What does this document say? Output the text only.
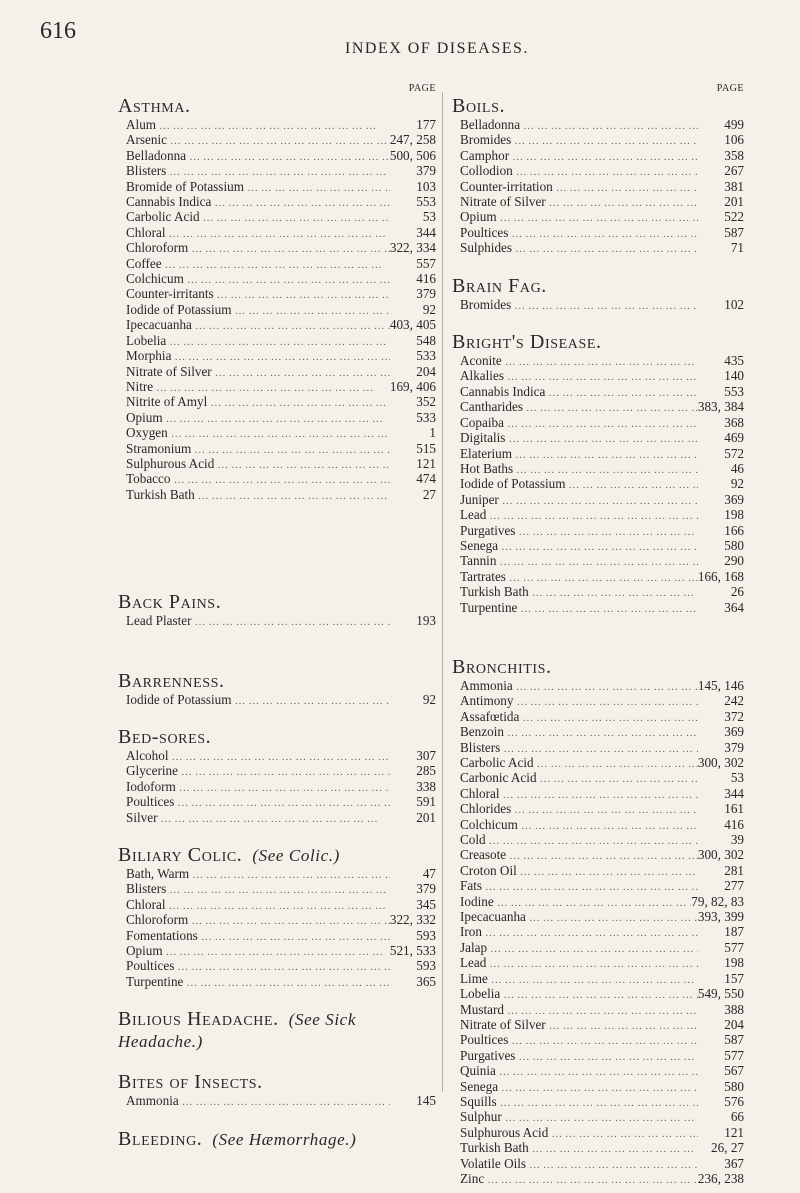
616
INDEX OF DISEASES.
PAGE
Asthma.
Alum … … … … … … … … … … … … … … … …	177
Arsenic … … … … … … … … … … … … … … … …	247, 258
Belladonna … … … … … … … … … … … … … … … …	500, 506
Blisters … … … … … … … … … … … … … … … …	379
Bromide of Potassium … … … … … … … … … … … … … … … …	103
Cannabis Indica … … … … … … … … … … … … … … … …	553
Carbolic Acid … … … … … … … … … … … … … … … …	53
Chloral … … … … … … … … … … … … … … … …	344
Chloroform … … … … … … … … … … … … … … … …	322, 334
Coffee … … … … … … … … … … … … … … … …	557
Colchicum … … … … … … … … … … … … … … … …	416
Counter-irritants … … … … … … … … … … … … … … … …	379
Iodide of Potassium … … … … … … … … … … … … … … … …	92
Ipecacuanha … … … … … … … … … … … … … … … …	403, 405
Lobelia … … … … … … … … … … … … … … … …	548
Morphia … … … … … … … … … … … … … … … …	533
Nitrate of Silver … … … … … … … … … … … … … … … …	204
Nitre … … … … … … … … … … … … … … … …	169, 406
Nitrite of Amyl … … … … … … … … … … … … … … … …	352
Opium … … … … … … … … … … … … … … … …	533
Oxygen … … … … … … … … … … … … … … … …	1
Stramonium … … … … … … … … … … … … … … … …	515
Sulphurous Acid … … … … … … … … … … … … … … … …	121
Tobacco … … … … … … … … … … … … … … … …	474
Turkish Bath … … … … … … … … … … … … … … … …	27
Back Pains.
Lead Plaster … … … … … … … … … … … … … … … …	193
Barrenness.
Iodide of Potassium … … … … … … … … … … … … … … … …	92
Bed-sores.
Alcohol … … … … … … … … … … … … … … … …	307
Glycerine … … … … … … … … … … … … … … … …	285
Iodoform … … … … … … … … … … … … … … … …	338
Poultices … … … … … … … … … … … … … … … …	591
Silver … … … … … … … … … … … … … … … …	201
Biliary Colic. (See Colic.)
Bath, Warm … … … … … … … … … … … … … … … …	47
Blisters … … … … … … … … … … … … … … … …	379
Chloral … … … … … … … … … … … … … … … …	345
Chloroform … … … … … … … … … … … … … … … …	322, 332
Fomentations … … … … … … … … … … … … … … … …	593
Opium … … … … … … … … … … … … … … … …	521, 533
Poultices … … … … … … … … … … … … … … … …	593
Turpentine … … … … … … … … … … … … … … … …	365
Bilious Headache. (See Sick Headache.)
Bites of Insects.
Ammonia … … … … … … … … … … … … … … … …	145
Bleeding. (See Hæmorrhage.)
PAGE
Boils.
Belladonna … … … … … … … … … … … … … … … …	499
Bromides … … … … … … … … … … … … … … … …	106
Camphor … … … … … … … … … … … … … … … …	358
Collodion … … … … … … … … … … … … … … … …	267
Counter-irritation … … … … … … … … … … … … … … … …	381
Nitrate of Silver … … … … … … … … … … … … … … … …	201
Opium … … … … … … … … … … … … … … … …	522
Poultices … … … … … … … … … … … … … … … …	587
Sulphides … … … … … … … … … … … … … … … …	71
Brain Fag.
Bromides … … … … … … … … … … … … … … … …	102
Bright's Disease.
Aconite … … … … … … … … … … … … … … … …	435
Alkalies … … … … … … … … … … … … … … … …	140
Cannabis Indica … … … … … … … … … … … … … … … …	553
Cantharides … … … … … … … … … … … … … … … …	383, 384
Copaiba … … … … … … … … … … … … … … … …	368
Digitalis … … … … … … … … … … … … … … … …	469
Elaterium … … … … … … … … … … … … … … … …	572
Hot Baths … … … … … … … … … … … … … … … …	46
Iodide of Potassium … … … … … … … … … … … … … … … …	92
Juniper … … … … … … … … … … … … … … … …	369
Lead … … … … … … … … … … … … … … … …	198
Purgatives … … … … … … … … … … … … … … … …	166
Senega … … … … … … … … … … … … … … … …	580
Tannin … … … … … … … … … … … … … … … …	290
Tartrates … … … … … … … … … … … … … … … …	166, 168
Turkish Bath … … … … … … … … … … … … … … … …	26
Turpentine … … … … … … … … … … … … … … … …	364
Bronchitis.
Ammonia … … … … … … … … … … … … … … … …	145, 146
Antimony … … … … … … … … … … … … … … … …	242
Assafœtida … … … … … … … … … … … … … … … …	372
Benzoin … … … … … … … … … … … … … … … …	369
Blisters … … … … … … … … … … … … … … … …	379
Carbolic Acid … … … … … … … … … … … … … … … …	300, 302
Carbonic Acid … … … … … … … … … … … … … … … …	53
Chloral … … … … … … … … … … … … … … … …	344
Chlorides … … … … … … … … … … … … … … … …	161
Colchicum … … … … … … … … … … … … … … … …	416
Cold … … … … … … … … … … … … … … … …	39
Creasote … … … … … … … … … … … … … … … …	300, 302
Croton Oil … … … … … … … … … … … … … … … …	281
Fats … … … … … … … … … … … … … … … …	277
Iodine … … … … … … … … … … … … … … … …	79, 82, 83
Ipecacuanha … … … … … … … … … … … … … … … …	393, 399
Iron … … … … … … … … … … … … … … … …	187
Jalap … … … … … … … … … … … … … … … …	577
Lead … … … … … … … … … … … … … … … …	198
Lime … … … … … … … … … … … … … … … …	157
Lobelia … … … … … … … … … … … … … … … …	549, 550
Mustard … … … … … … … … … … … … … … … …	388
Nitrate of Silver … … … … … … … … … … … … … … … …	204
Poultices … … … … … … … … … … … … … … … …	587
Purgatives … … … … … … … … … … … … … … … …	577
Quinia … … … … … … … … … … … … … … … …	567
Senega … … … … … … … … … … … … … … … …	580
Squills … … … … … … … … … … … … … … … …	576
Sulphur … … … … … … … … … … … … … … … …	66
Sulphurous Acid … … … … … … … … … … … … … … … …	121
Turkish Bath … … … … … … … … … … … … … … … …	26, 27
Volatile Oils … … … … … … … … … … … … … … … …	367
Zinc … … … … … … … … … … … … … … … …	236, 238
